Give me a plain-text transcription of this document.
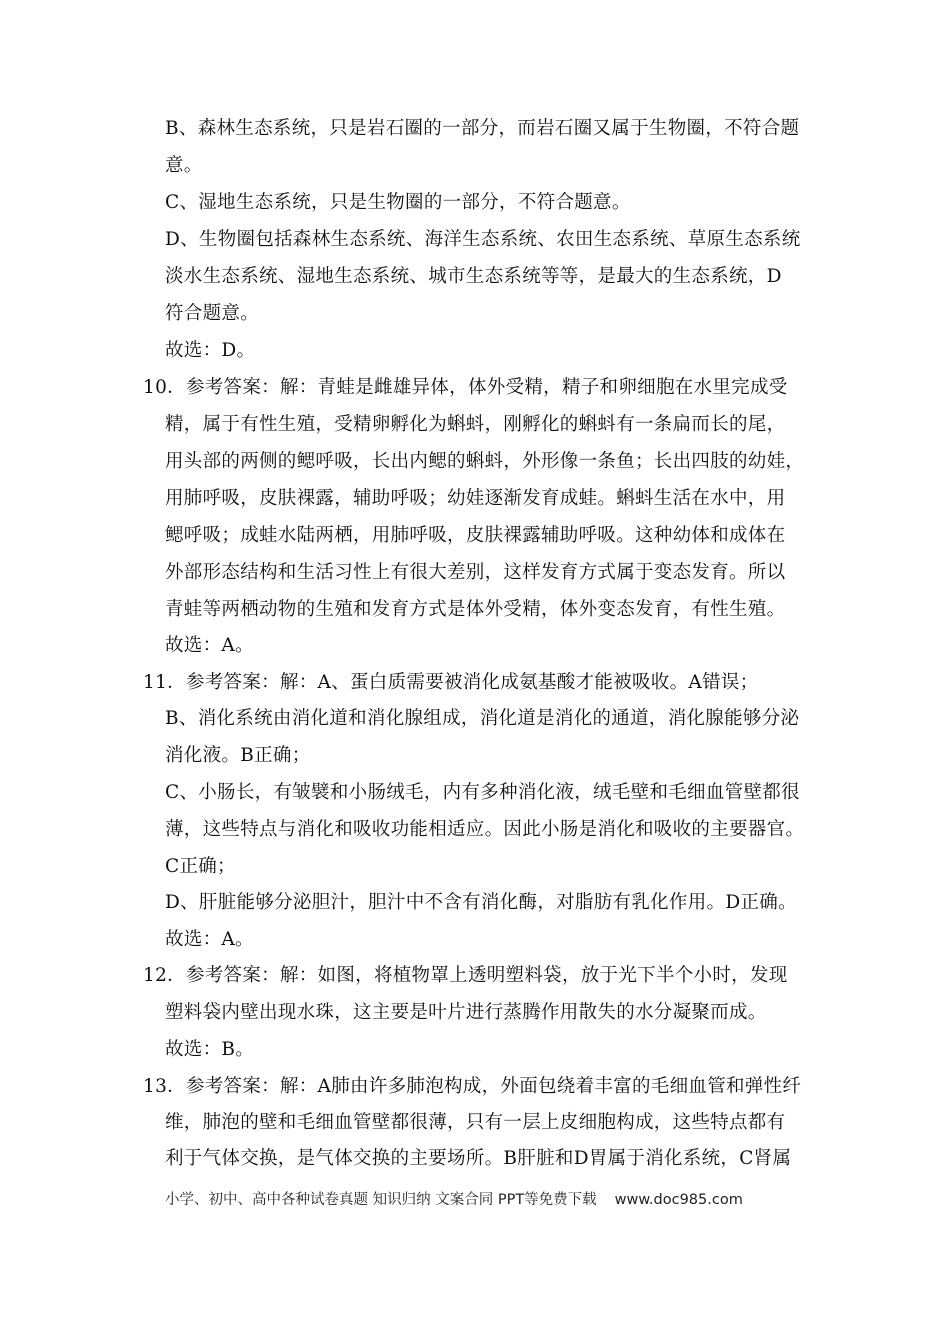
B、森林生态系统，只是岩石圈的一部分，而岩石圈又属于生物圈，不符合题
意。
C、湿地生态系统，只是生物圈的一部分，不符合题意。
D、生物圈包括森林生态系统、海洋生态系统、农田生态系统、草原生态系统
淡水生态系统、湿地生态系统、城市生态系统等等，是最大的生态系统，D
符合题意。
故选：D。
10．参考答案：解：青蛙是雌雄异体，体外受精，精子和卵细胞在水里完成受
精，属于有性生殖，受精卵孵化为蝌蚪，刚孵化的蝌蚪有一条扁而长的尾，
用头部的两侧的鳃呼吸，长出内鳃的蝌蚪，外形像一条鱼；长出四肢的幼娃，
用肺呼吸，皮肤裸露，辅助呼吸；幼娃逐渐发育成蛙。蝌蚪生活在水中，用
鳃呼吸；成蛙水陆两栖，用肺呼吸，皮肤裸露辅助呼吸。这种幼体和成体在
外部形态结构和生活习性上有很大差别，这样发育方式属于变态发育。所以
青蛙等两栖动物的生殖和发育方式是体外受精，体外变态发育，有性生殖。
故选：A。
11．参考答案：解：A、蛋白质需要被消化成氨基酸才能被吸收。A错误；
B、消化系统由消化道和消化腺组成，消化道是消化的通道，消化腺能够分泌
消化液。B正确；
C、小肠长，有皱襞和小肠绒毛，内有多种消化液，绒毛壁和毛细血管壁都很
薄，这些特点与消化和吸收功能相适应。因此小肠是消化和吸收的主要器官。
C正确；
D、肝脏能够分泌胆汁，胆汁中不含有消化酶，对脂肪有乳化作用。D正确。
故选：A。
12．参考答案：解：如图，将植物罩上透明塑料袋，放于光下半个小时，发现
塑料袋内壁出现水珠，这主要是叶片进行蒸腾作用散失的水分凝聚而成。
故选：B。
13．参考答案：解：A肺由许多肺泡构成，外面包绕着丰富的毛细血管和弹性纤
维，肺泡的壁和毛细血管壁都很薄，只有一层上皮细胞构成，这些特点都有
利于气体交换，是气体交换的主要场所。B肝脏和D胃属于消化系统，C肾属
小学、初中、高中各种试卷真题 知识归纳 文案合同 PPT等免费下载 www.doc985.com
